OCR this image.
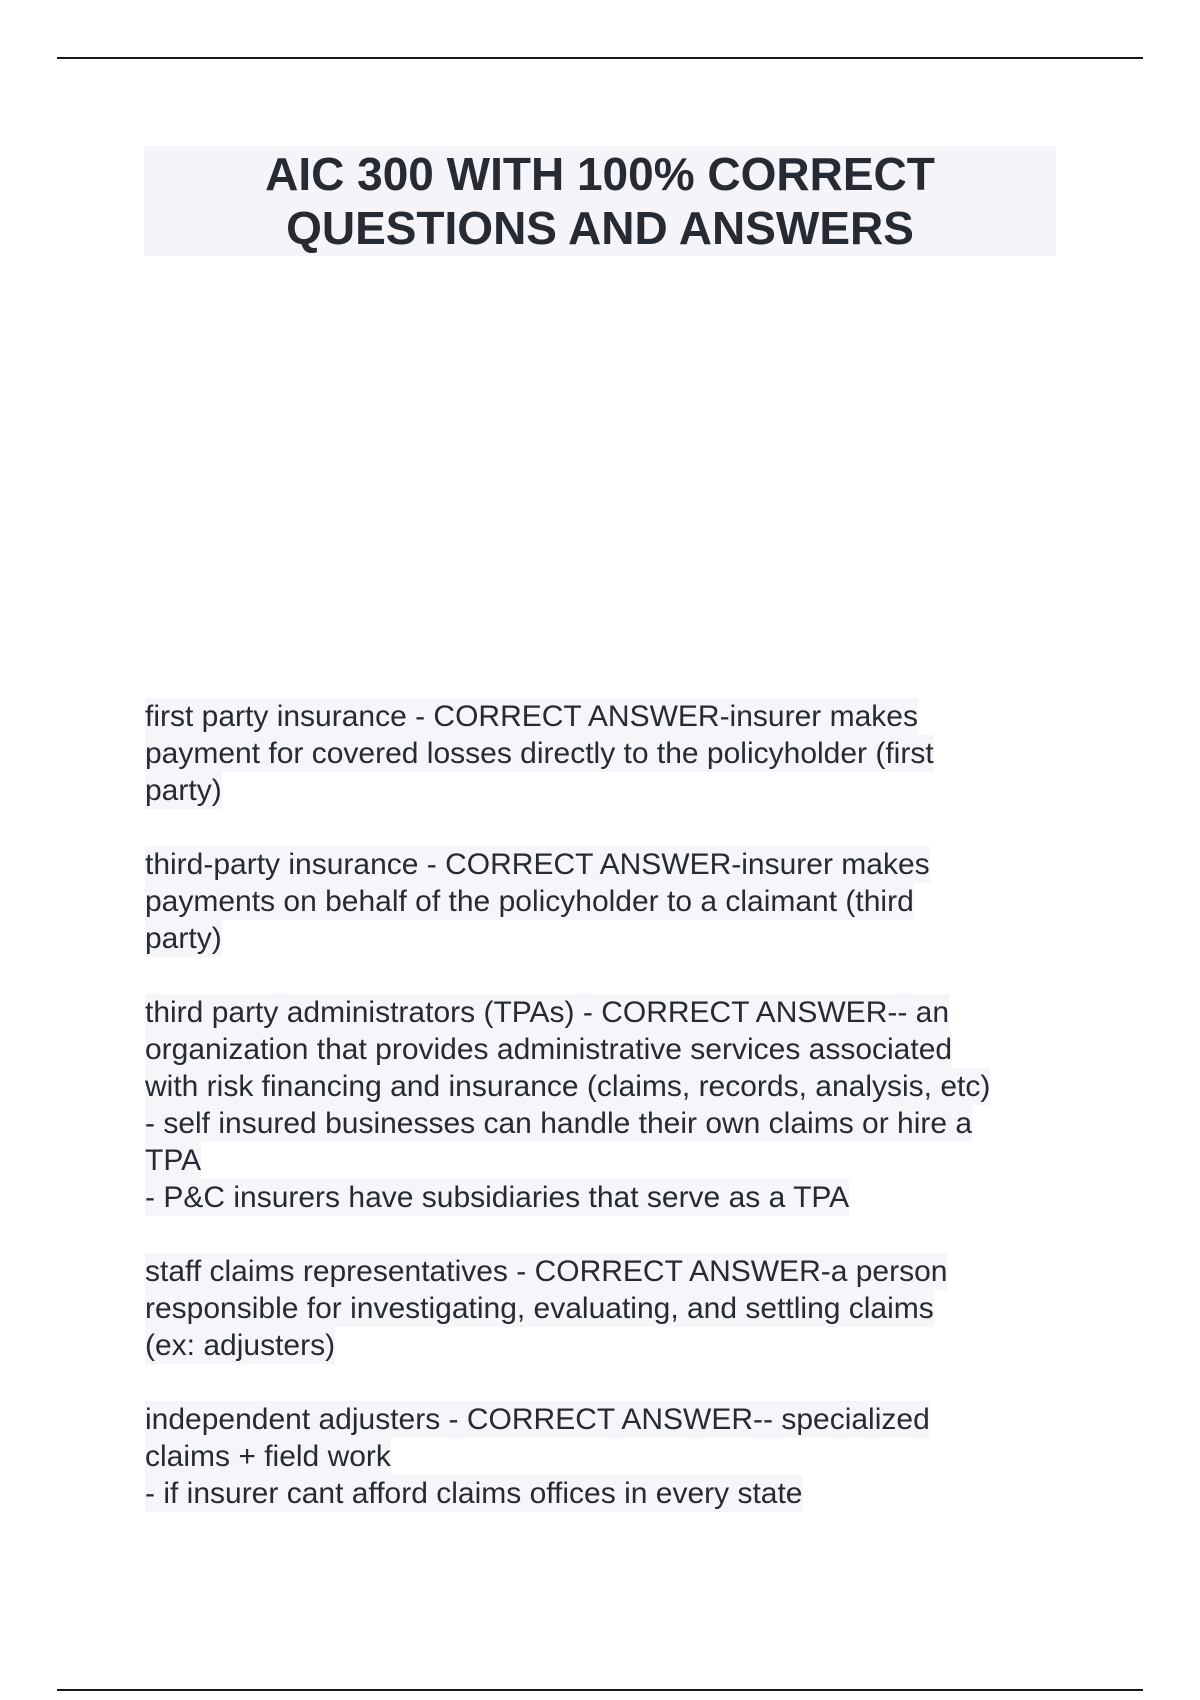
AIC 300 WITH 100% CORRECT
QUESTIONS AND ANSWERS
first party insurance - CORRECT ANSWER-insurer makes
payment for covered losses directly to the policyholder (first
party)
third-party insurance - CORRECT ANSWER-insurer makes
payments on behalf of the policyholder to a claimant (third
party)
third party administrators (TPAs) - CORRECT ANSWER-- an
organization that provides administrative services associated
with risk financing and insurance (claims, records, analysis, etc)
- self insured businesses can handle their own claims or hire a
TPA
- P&C insurers have subsidiaries that serve as a TPA
staff claims representatives - CORRECT ANSWER-a person
responsible for investigating, evaluating, and settling claims
(ex: adjusters)
independent adjusters - CORRECT ANSWER-- specialized
claims + field work
- if insurer cant afford claims offices in every state
